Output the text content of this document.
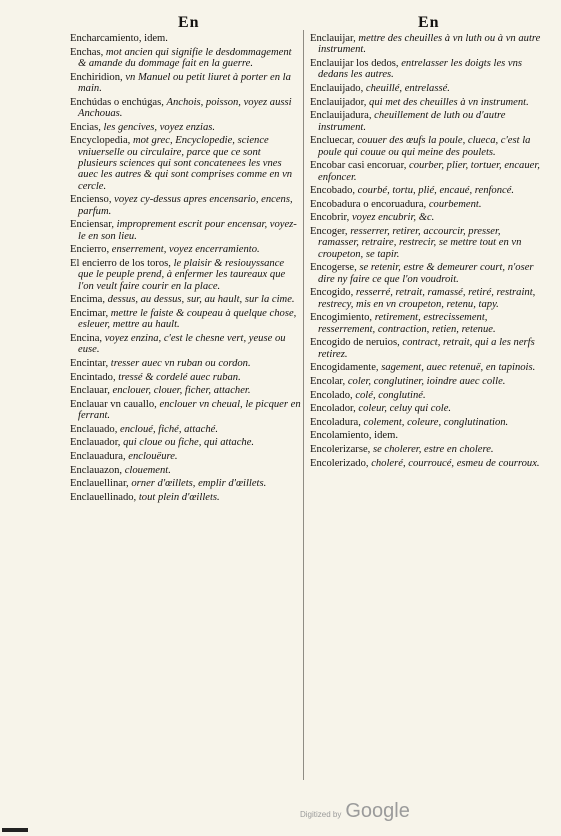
En	En
Encharcamiento, idem.
Enchas, mot ancien qui signifie le desdommagement & amande du dommage fait en la guerre.
Enchiridion, vn Manuel ou petit liuret à porter en la main.
Enchúdas o enchúgas, Anchois, poisson, voyez aussi Anchouas.
Encias, les gencives, voyez enzias.
Encyclopedia, mot grec, Encyclopedie, science vniuerselle ou circulaire, parce que ce sont plusieurs sciences qui sont concatenees les vnes auec les autres & qui sont comprises comme en vn cercle.
Encienso, voyez cy-dessus apres encensario, encens, parfum.
Enciensar, improprement escrit pour encensar, voyez-le en son lieu.
Encierro, enserrement, voyez encerramiento.
El encierro de los toros, le plaisir & resiouyssance que le peuple prend, à enfermer les taureaux que l'on veult faire courir en la place.
Encima, dessus, au dessus, sur, au hault, sur la cime.
Encimar, mettre le faiste & coupeau à quelque chose, esleuer, mettre au hault.
Encina, voyez enzina, c'est le chesne vert, yeuse ou euse.
Encintar, tresser auec vn ruban ou cordon.
Encintado, tressé & cordelé auec ruban.
Enclauar, enclouer, clouer, ficher, attacher.
Enclauar vn cauallo, enclouer vn cheual, le picquer en ferrant.
Enclauado, encloué, fiché, attaché.
Enclauador, qui cloue ou fiche, qui attache.
Enclauadura, enclouëure.
Enclauazon, clouement.
Enclauellinar, orner d'œillets, emplir d'œillets.
Enclauellinado, tout plein d'œillets.
Enclauijar, mettre des cheuilles à vn luth ou à vn autre instrument.
Enclauijar los dedos, entrelasser les doigts les vns dedans les autres.
Enclauijado, cheuillé, entrelassé.
Enclauijador, qui met des cheuilles à vn instrument.
Enclauijadura, cheuillement de luth ou d'autre instrument.
Encluecar, couuer des œufs la poule, clueca, c'est la poule qui couue ou qui meine des poulets.
Encobar casi encoruar, courber, plier, tortuer, encauer, enfoncer.
Encobado, courbé, tortu, plié, encaué, renfoncé.
Encobadura o encoruadura, courbement.
Encobrir, voyez encubrir, &c.
Encoger, resserrer, retirer, accourcir, presser, ramasser, retraire, restrecir, se mettre tout en vn croupeton, se tapir.
Encogerse, se retenir, estre & demeurer court, n'oser dire ny faire ce que l'on voudroit.
Encogido, resserré, retrait, ramassé, retiré, restraint, restrecy, mis en vn croupeton, retenu, tapy.
Encogimiento, retirement, estrecissement, resserrement, contraction, retien, retenue.
Encogido de neruios, contract, retrait, qui a les nerfs retirez.
Encogidamente, sagement, auec retenuë, en tapinois.
Encolar, coler, conglutiner, ioindre auec colle.
Encolado, colé, conglutiné.
Encolador, coleur, celuy qui cole.
Encoladura, colement, coleure, conglutination.
Encolamiento, idem.
Encolerizarse, se cholerer, estre en cholere.
Encolerizado, choleré, courroucé, esmeu de courroux.
Digitized by Google
